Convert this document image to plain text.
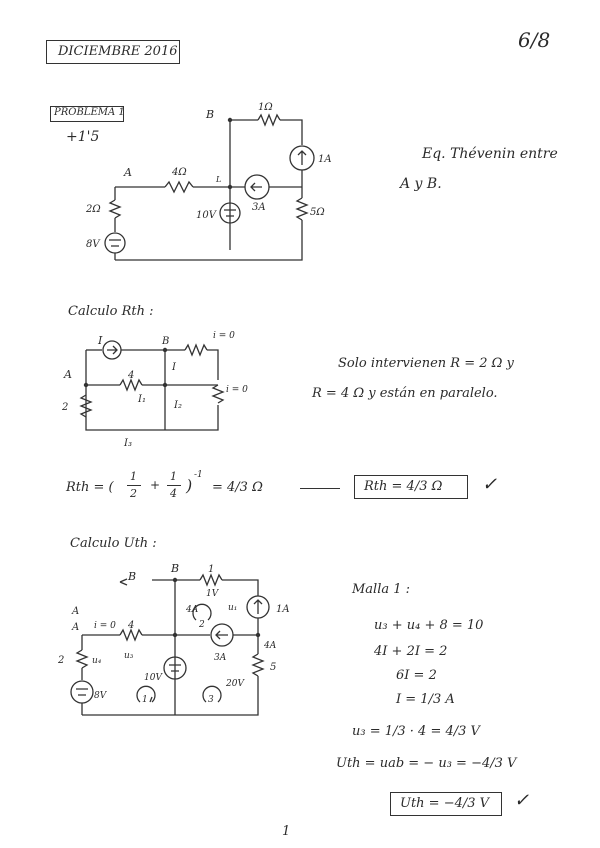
DICIEMBRE 2016	6/8
PROBLEMA 1
+1'5
Eq. Thévenin entre
A y B.
A
B
1Ω
4Ω
2Ω
8V
10V
3A
1A
5Ω
L
I	B	i = 0
A	4
I
i = 0
2
I₁
I₂
I₃
B
B	1
1V
4A	u₁	1A
A
A i = 0 4
u₃
2
3A
4A
2	u₄
8V
10V
1
20V
3
5
Calculo Rth :
Solo intervienen R = 2 Ω y
R = 4 Ω y están en paralelo.
Rth = (
1
2
+
1
4 )
-1
= 4/3 Ω	Rth = 4/3 Ω ✓
Calculo Uth :
Malla 1 :
u₃ + u₄ + 8 = 10
4I + 2I = 2
6I = 2
I = 1/3 A
u₃ = 1/3 · 4 = 4/3 V
Uth = uab = − u₃ = −4/3 V
Uth = −4/3 V ✓
1
